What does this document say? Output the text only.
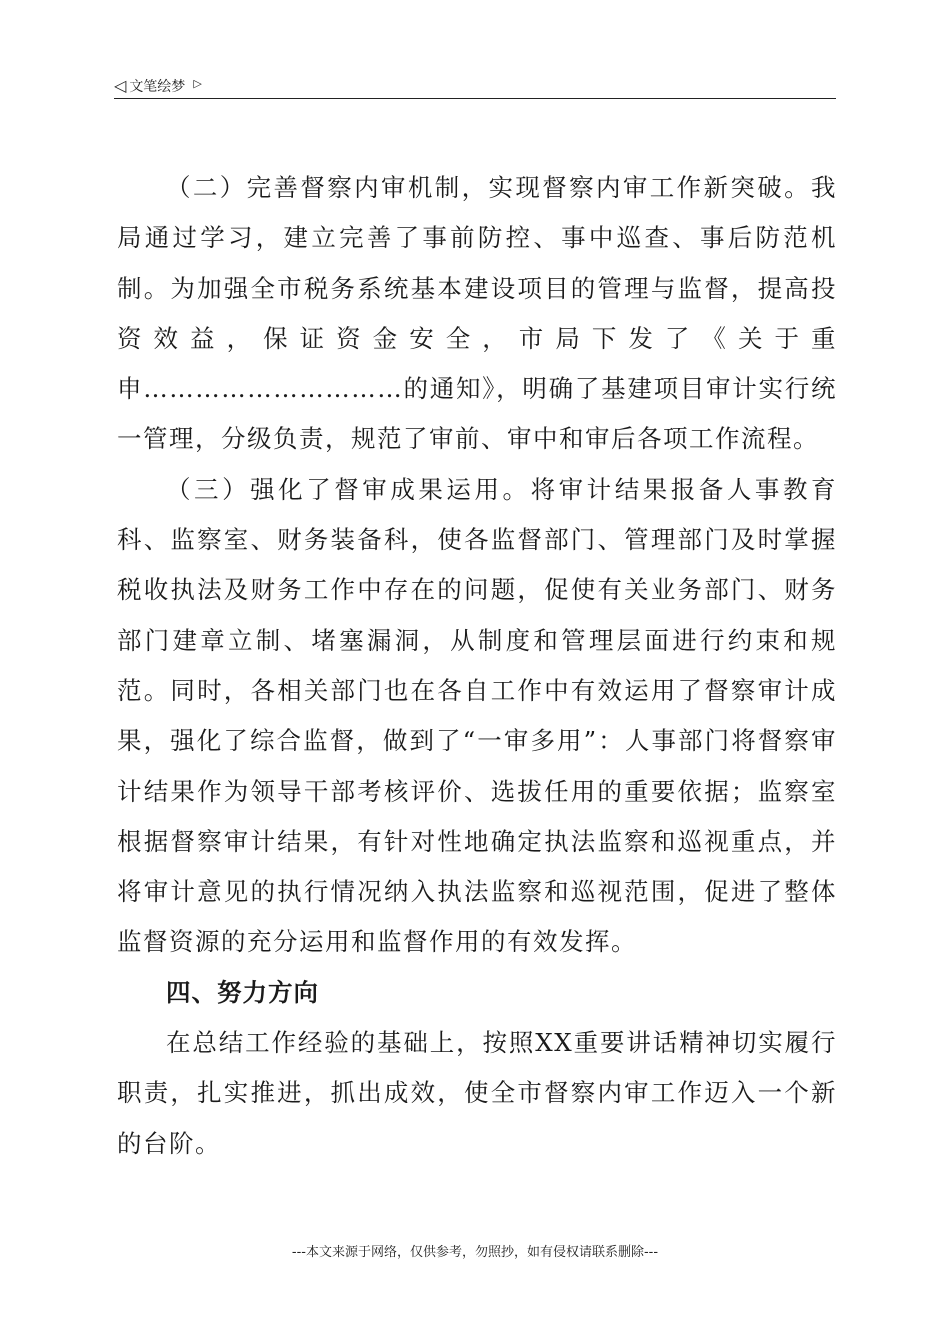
◁ 文笔绘梦 ▷

（二）完善督察内审机制，实现督察内审工作新突破。我局通过学习，建立完善了事前防控、事中巡查、事后防范机制。为加强全市税务系统基本建设项目的管理与监督，提高投资效益，保证资金安全，市局下发了《关于重申…………………………的通知》，明确了基建项目审计实行统一管理，分级负责，规范了审前、审中和审后各项工作流程。

（三）强化了督审成果运用。将审计结果报备人事教育科、监察室、财务装备科，使各监督部门、管理部门及时掌握税收执法及财务工作中存在的问题，促使有关业务部门、财务部门建章立制、堵塞漏洞，从制度和管理层面进行约束和规范。同时，各相关部门也在各自工作中有效运用了督察审计成果，强化了综合监督，做到了“一审多用”：人事部门将督察审计结果作为领导干部考核评价、选拔任用的重要依据；监察室根据督察审计结果，有针对性地确定执法监察和巡视重点，并将审计意见的执行情况纳入执法监察和巡视范围，促进了整体监督资源的充分运用和监督作用的有效发挥。

四、努力方向

在总结工作经验的基础上，按照XX重要讲话精神切实履行职责，扎实推进，抓出成效，使全市督察内审工作迈入一个新的台阶。

---本文来源于网络，仅供参考，勿照抄，如有侵权请联系删除---
